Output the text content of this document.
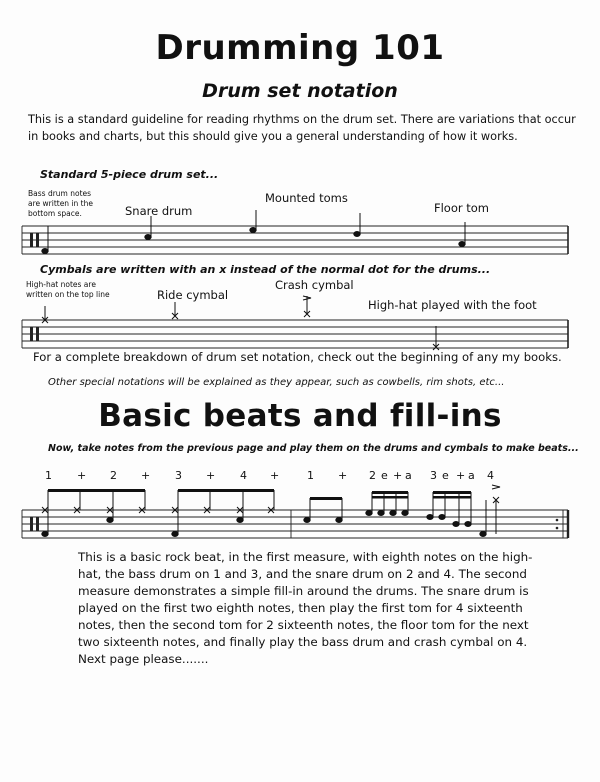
Drumming 101
Drum set notation
This is a standard guideline for reading rhythms on the drum set. There are variations that occur in books and charts, but this should give you a general understanding of how it works.
Standard 5-piece drum set...
Bass drum notes
are written in the
bottom space.	Snare drum
Mounted toms
Floor tom
Cymbals are written with an x instead of the normal dot for the drums...
High-hat notes are
written on the top line	Ride cymbal
Crash cymbal
High-hat played with the foot
For a complete breakdown of drum set notation, check out the beginning of any my books.
Other special notations will be explained as they appear, such as cowbells, rim shots, etc...
Basic beats and fill-ins
Now, take notes from the previous page and play them on the drums and cymbals to make beats...
1 + 2 + 3 + 4 +	1 + 2 e + a 3 e + a 4
This is a basic rock beat, in the first measure, with eighth notes on the high-hat, the bass drum on 1 and 3, and the snare drum on 2 and 4. The second measure demonstrates a simple fill-in around the drums. The snare drum is played on the first two eighth notes, then play the first tom for 4 sixteenth notes, then the second tom for 2 sixteenth notes, the floor tom for the next two sixteenth notes, and finally play the bass drum and crash cymbal on 4. Next page please.......
